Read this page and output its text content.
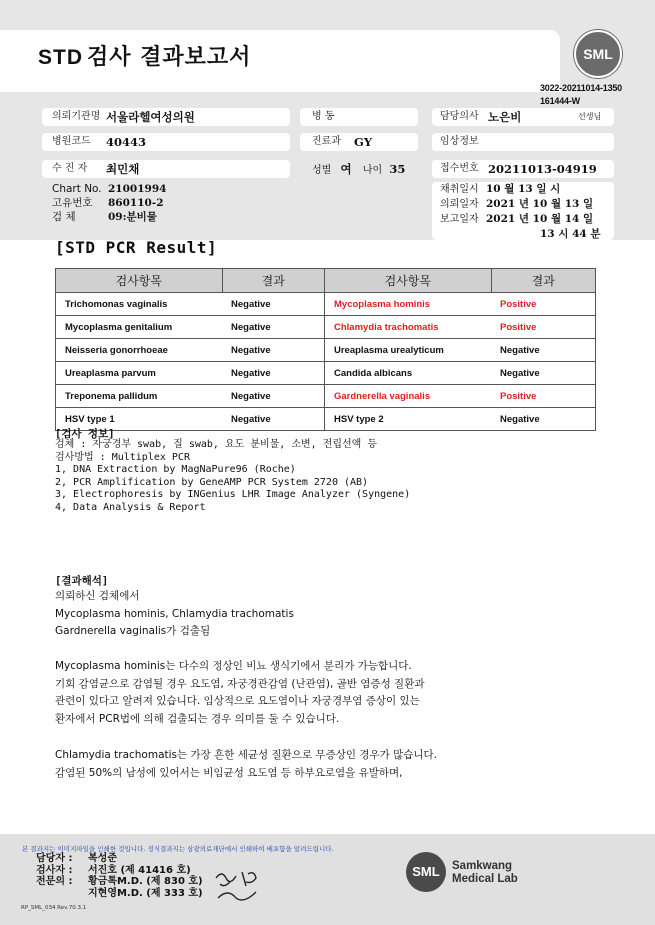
STD 검사 결과보고서	SML
3022-20211014-1350
161444-W
의뢰기관명 서울라헬여성의원	병 동	담당의사 노은비	선생님
병원코드 40443	진료과 GY	임상정보
수 진 자 최민채	성별 여 나이 35	접수번호 20211013-04919
Chart No. 21001994
고유번호 860110-2
검 체	09:분비물
채취일시 10 월 13 일 시
의뢰일자 2021 년 10 월 13 일
보고일자 2021 년 10 월 14 일
13 시 44 분
[STD PCR Result]
검사항목	결과	검사항목	결과
Trichomonas vaginalis	Negative	Mycoplasma hominis	Positive
Mycoplasma genitalium	Negative	Chlamydia trachomatis	Positive
Neisseria gonorrhoeae	Negative	Ureaplasma urealyticum	Negative
Ureaplasma parvum	Negative	Candida albicans	Negative
Treponema pallidum	Negative	Gardnerella vaginalis	Positive
HSV type 1	Negative	HSV type 2	Negative
[검사 정보]
검체 : 자궁경부 swab, 질 swab, 요도 분비물, 소변, 전립선액 등
검사방법 : Multiplex PCR
1, DNA Extraction by MagNaPure96 (Roche)
2, PCR Amplification by GeneAMP PCR System 2720 (AB)
3, Electrophoresis by INGenius LHR Image Analyzer (Syngene)
4, Data Analysis & Report
[결과해석]
의뢰하신 검체에서
Mycoplasma hominis, Chlamydia trachomatis
Gardnerella vaginalis가 검출됨
Mycoplasma hominis는 다수의 정상인 비뇨 생식기에서 분리가 가능합니다.
기회 감염균으로 감염될 경우 요도염, 자궁경관감염 (난관염), 골반 염증성 질환과
관련이 있다고 알려져 있습니다. 임상적으로 요도염이나 자궁경부염 증상이 있는
환자에서 PCR법에 의해 검출되는 경우 의미를 둘 수 있습니다.
Chlamydia trachomatis는 가장 흔한 세균성 질환으로 무증상인 경우가 많습니다.
감염된 50%의 남성에 있어서는 비임균성 요도염 등 하부요로염을 유발하며,
본 결과지는 이미지파일을 인쇄한 것입니다. 정식결과지는 삼광의료재단에서 인쇄하여 배포함을 알려드립니다.
담당자 : 복성준
검사자 : 서진호 (제 41416 호)
전문의 : 황금톡M.D. (제 830 호)
지현영M.D. (제 333 호)
SML	Samkwang
Medical Lab
RP_SML_034 Rev.70.3.1
